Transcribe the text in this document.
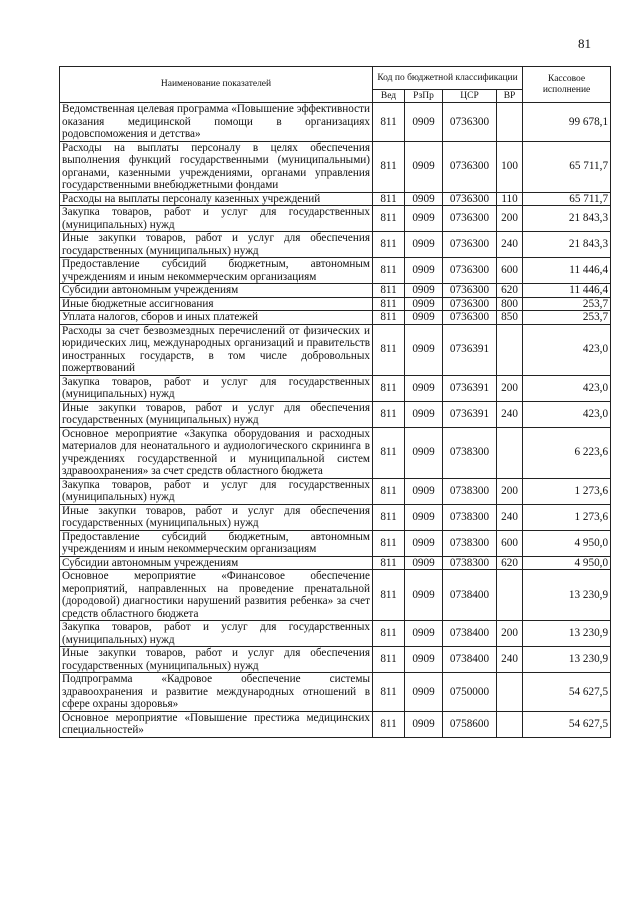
81
Наименование показателей	Код по бюджетной классификации				Кассовое исполнение
	Вед	РзПр	ЦСР	ВР	
Ведомственная целевая программа «Повышение эффективности оказания медицинской помощи в организациях родовспоможения и детства»	811	0909	0736300		99 678,1
Расходы на выплаты персоналу в целях обеспечения выполнения функций государственными (муниципальными) органами, казенными учреждениями, органами управления государственными внебюджетными фондами	811	0909	0736300	100	65 711,7
Расходы на выплаты персоналу казенных учреждений	811	0909	0736300	110	65 711,7
Закупка товаров, работ и услуг для государственных (муниципальных) нужд	811	0909	0736300	200	21 843,3
Иные закупки товаров, работ и услуг для обеспечения государственных (муниципальных) нужд	811	0909	0736300	240	21 843,3
Предоставление субсидий бюджетным, автономным учреждениям и иным некоммерческим организациям	811	0909	0736300	600	11 446,4
Субсидии автономным учреждениям	811	0909	0736300	620	11 446,4
Иные бюджетные ассигнования	811	0909	0736300	800	253,7
Уплата налогов, сборов и иных платежей	811	0909	0736300	850	253,7
Расходы за счет безвозмездных перечислений от физических и юридических лиц, международных организаций и правительств иностранных государств, в том числе добровольных пожертвований	811	0909	0736391		423,0
Закупка товаров, работ и услуг для государственных (муниципальных) нужд	811	0909	0736391	200	423,0
Иные закупки товаров, работ и услуг для обеспечения государственных (муниципальных) нужд	811	0909	0736391	240	423,0
Основное мероприятие «Закупка оборудования и расходных материалов для неонатального и аудиологического скрининга в учреждениях государственной и муниципальной систем здравоохранения» за счет средств областного бюджета	811	0909	0738300		6 223,6
Закупка товаров, работ и услуг для государственных (муниципальных) нужд	811	0909	0738300	200	1 273,6
Иные закупки товаров, работ и услуг для обеспечения государственных (муниципальных) нужд	811	0909	0738300	240	1 273,6
Предоставление субсидий бюджетным, автономным учреждениям и иным некоммерческим организациям	811	0909	0738300	600	4 950,0
Субсидии автономным учреждениям	811	0909	0738300	620	4 950,0
Основное мероприятие «Финансовое обеспечение мероприятий, направленных на проведение пренатальной (дородовой) диагностики нарушений развития ребенка» за счет средств областного бюджета	811	0909	0738400		13 230,9
Закупка товаров, работ и услуг для государственных (муниципальных) нужд	811	0909	0738400	200	13 230,9
Иные закупки товаров, работ и услуг для обеспечения государственных (муниципальных) нужд	811	0909	0738400	240	13 230,9
Подпрограмма «Кадровое обеспечение системы здравоохранения и развитие международных отношений в сфере охраны здоровья»	811	0909	0750000		54 627,5
Основное мероприятие «Повышение престижа медицинских специальностей»	811	0909	0758600		54 627,5
